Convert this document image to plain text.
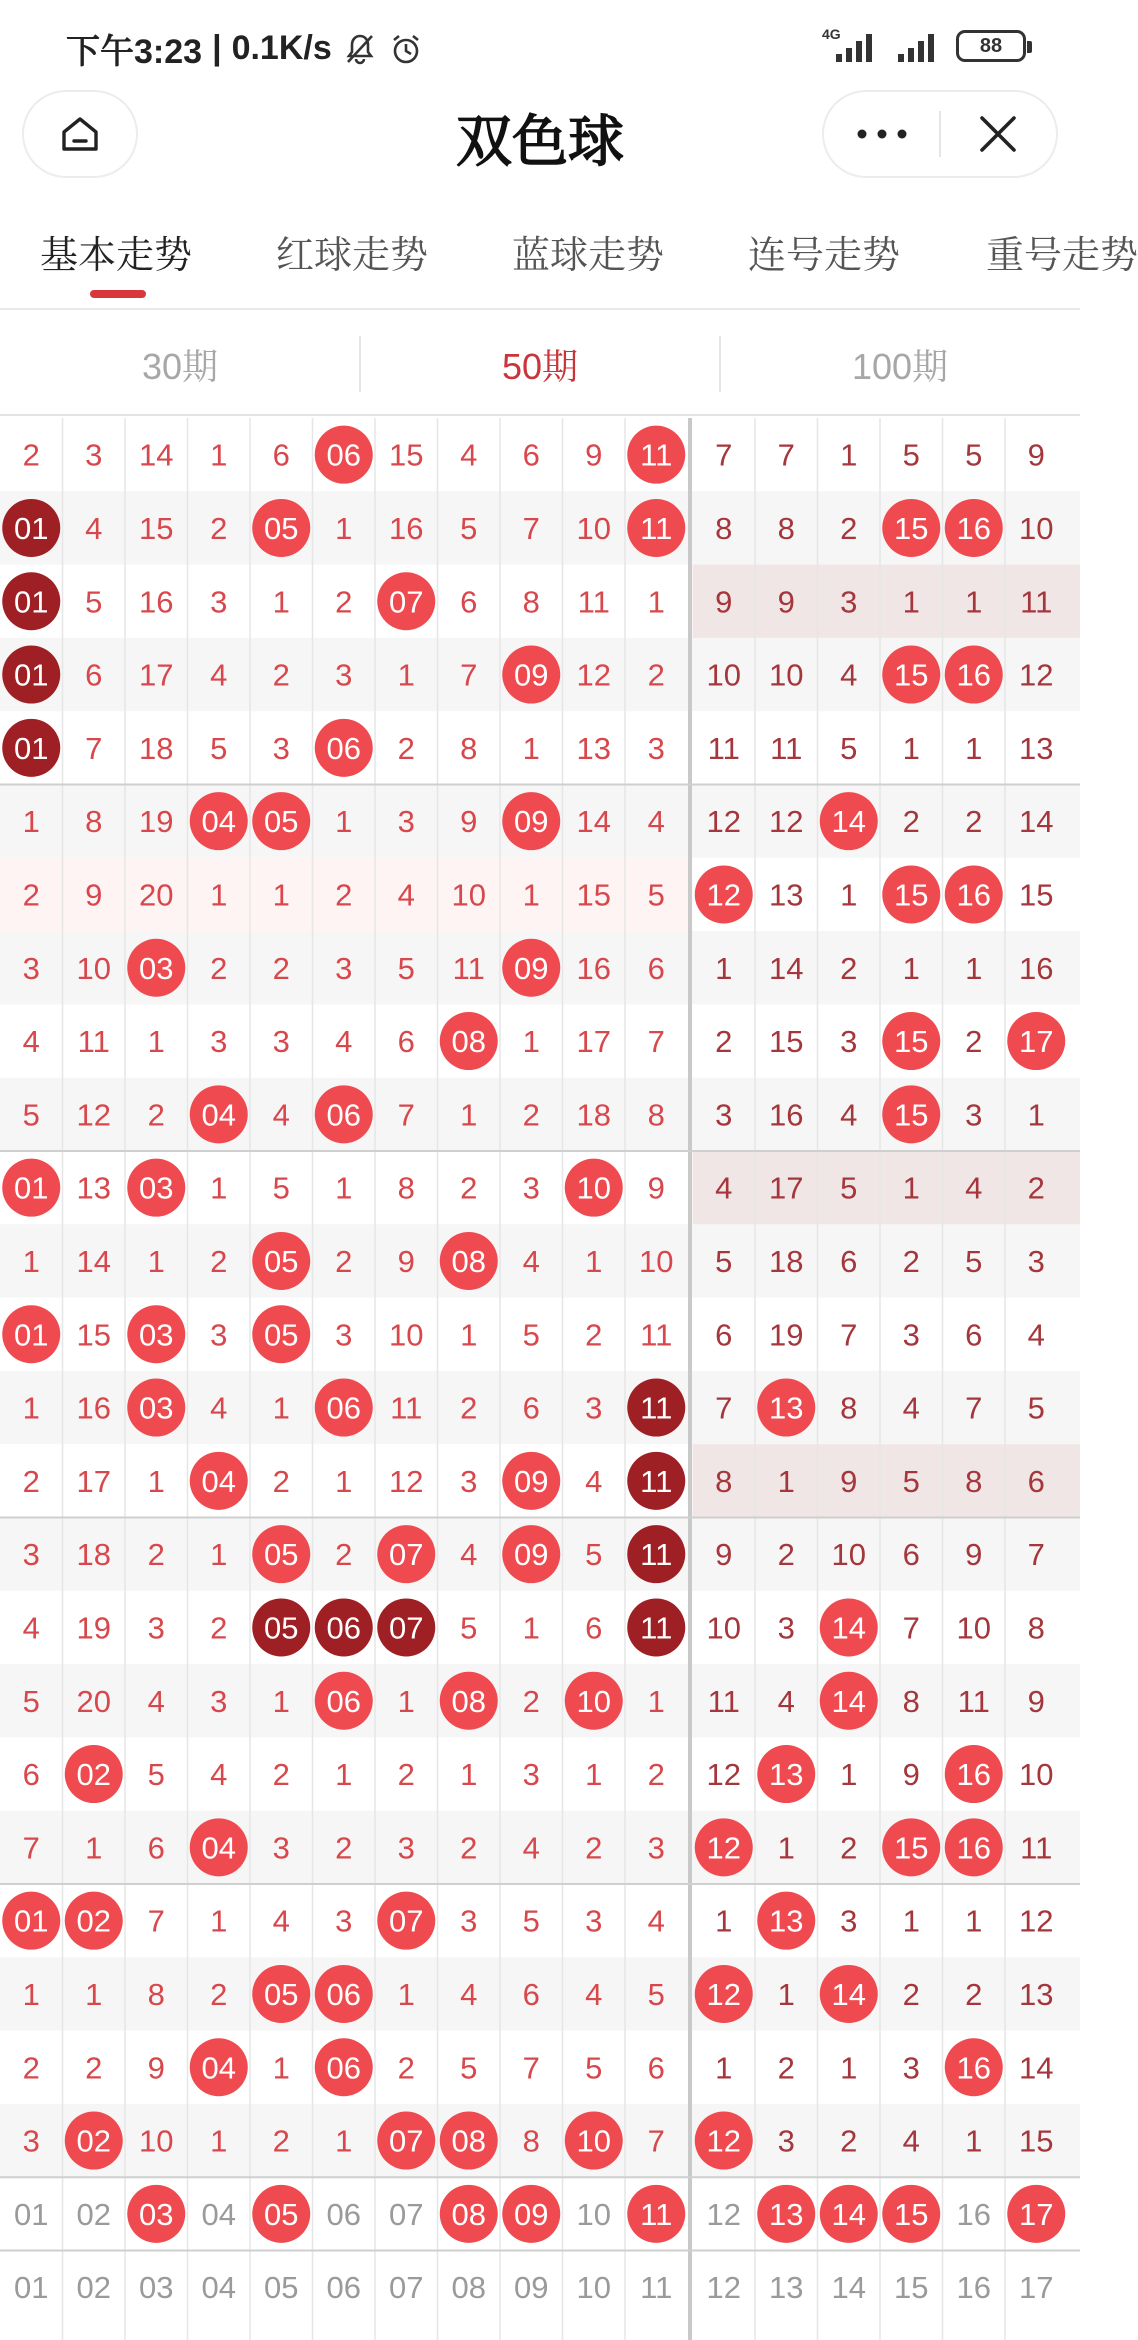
下午3:23 | 0.1K/s	4G
88
双色球
基本走势 红球走势 蓝球走势 连号走势 重号走势
30期	50期	100期
2 3 14 1 6 06 15 4 6 9 11 7 7 1 5 5 9
01 4 15 2 05 1 16 5 7 10 11 8 8 2 15 16 10
01 5 16 3 1 2 07 6 8 11 1 9 9 3 1 1 11
01 6 17 4 2 3 1 7 09 12 2 10 10 4 15 16 12
01 7 18 5 3 06 2 8 1 13 3 11 11 5 1 1 13
1 8 19 04 05 1 3 9 09 14 4 12 12 14 2 2 14
2 9 20 1 1 2 4 10 1 15 5 12 13 1 15 16 15
3 10 03 2 2 3 5 11 09 16 6 1 14 2 1 1 16
4 11 1 3 3 4 6 08 1 17 7 2 15 3 15 2 17
5 12 2 04 4 06 7 1 2 18 8 3 16 4 15 3 1
01 13 03 1 5 1 8 2 3 10 9 4 17 5 1 4 2
1 14 1 2 05 2 9 08 4 1 10 5 18 6 2 5 3
01 15 03 3 05 3 10 1 5 2 11 6 19 7 3 6 4
1 16 03 4 1 06 11 2 6 3 11 7 13 8 4 7 5
2 17 1 04 2 1 12 3 09 4 11 8 1 9 5 8 6
3 18 2 1 05 2 07 4 09 5 11 9 2 10 6 9 7
4 19 3 2 05 06 07 5 1 6 11 10 3 14 7 10 8
5 20 4 3 1 06 1 08 2 10 1 11 4 14 8 11 9
6 02 5 4 2 1 2 1 3 1 2 12 13 1 9 16 10
7 1 6 04 3 2 3 2 4 2 3 12 1 2 15 16 11
01 02 7 1 4 3 07 3 5 3 4 1 13 3 1 1 12
1 1 8 2 05 06 1 4 6 4 5 12 1 14 2 2 13
2 2 9 04 1 06 2 5 7 5 6 1 2 1 3 16 14
3 02 10 1 2 1 07 08 8 10 7 12 3 2 4 1 15
01 02 03 04 05 06 07 08 09 10 11 12 13 14 15 16 17
01 02 03 04 05 06 07 08 09 10 11 12 13 14 15 16 17
